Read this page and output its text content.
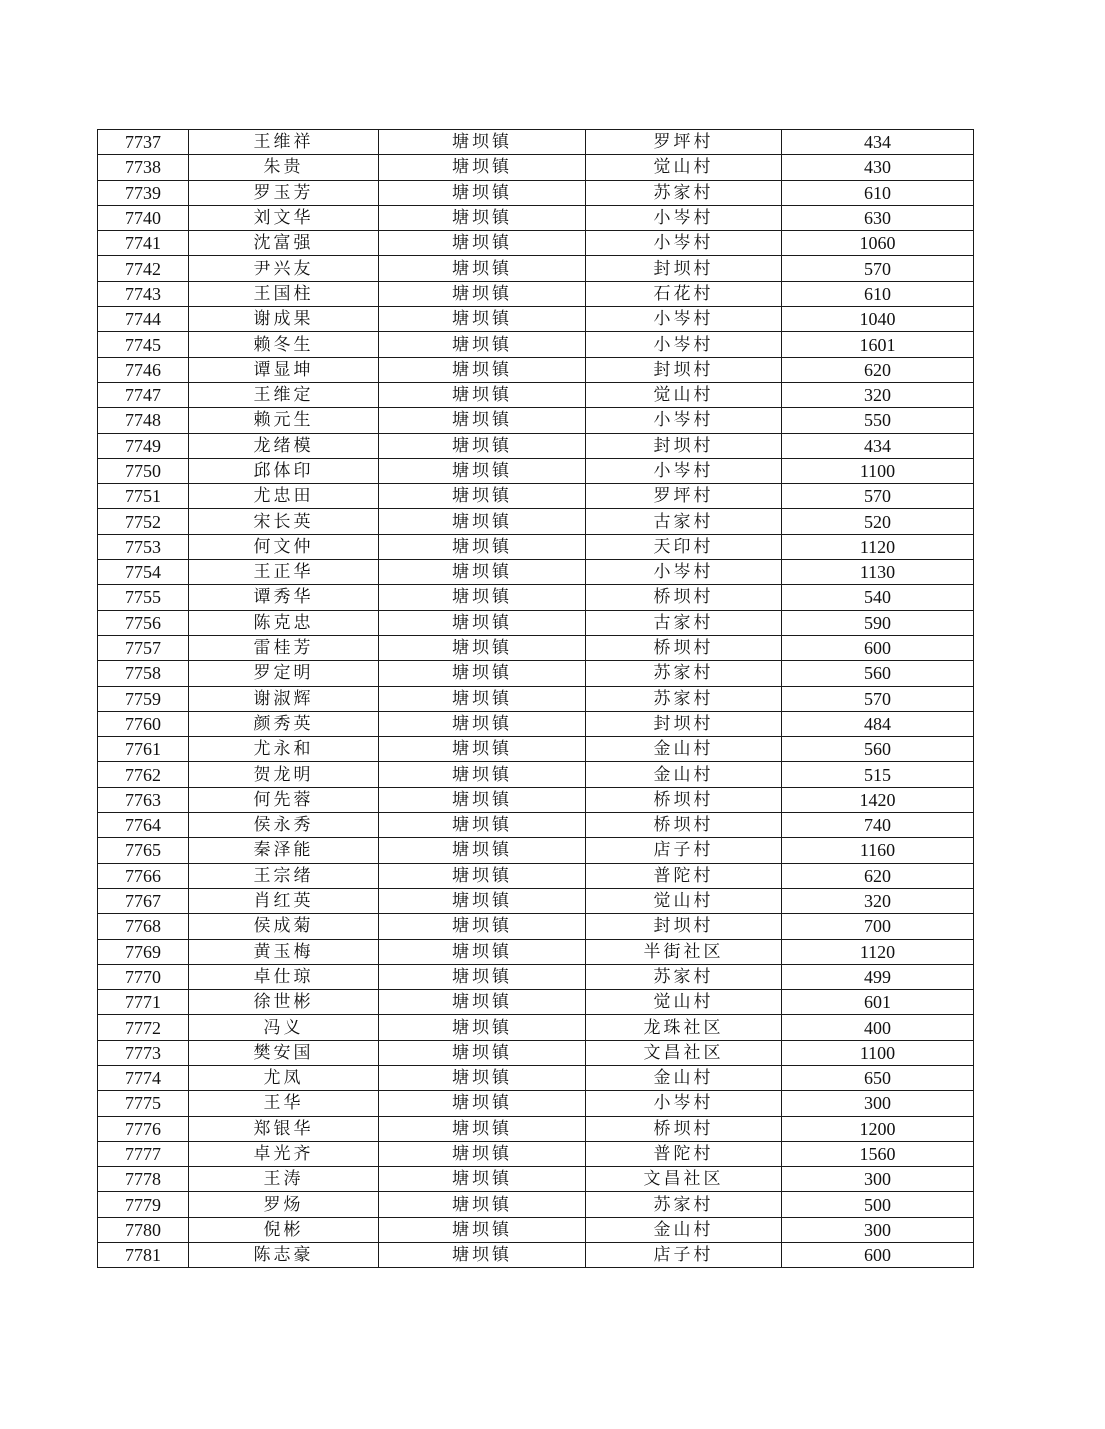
7737	王维祥	塘坝镇	罗坪村	434
7738	朱贵	塘坝镇	觉山村	430
7739	罗玉芳	塘坝镇	苏家村	610
7740	刘文华	塘坝镇	小岑村	630
7741	沈富强	塘坝镇	小岑村	1060
7742	尹兴友	塘坝镇	封坝村	570
7743	王国柱	塘坝镇	石花村	610
7744	谢成果	塘坝镇	小岑村	1040
7745	赖冬生	塘坝镇	小岑村	1601
7746	谭显坤	塘坝镇	封坝村	620
7747	王维定	塘坝镇	觉山村	320
7748	赖元生	塘坝镇	小岑村	550
7749	龙绪模	塘坝镇	封坝村	434
7750	邱体印	塘坝镇	小岑村	1100
7751	尤忠田	塘坝镇	罗坪村	570
7752	宋长英	塘坝镇	古家村	520
7753	何文仲	塘坝镇	天印村	1120
7754	王正华	塘坝镇	小岑村	1130
7755	谭秀华	塘坝镇	桥坝村	540
7756	陈克忠	塘坝镇	古家村	590
7757	雷桂芳	塘坝镇	桥坝村	600
7758	罗定明	塘坝镇	苏家村	560
7759	谢淑辉	塘坝镇	苏家村	570
7760	颜秀英	塘坝镇	封坝村	484
7761	尤永和	塘坝镇	金山村	560
7762	贺龙明	塘坝镇	金山村	515
7763	何先蓉	塘坝镇	桥坝村	1420
7764	侯永秀	塘坝镇	桥坝村	740
7765	秦泽能	塘坝镇	店子村	1160
7766	王宗绪	塘坝镇	普陀村	620
7767	肖红英	塘坝镇	觉山村	320
7768	侯成菊	塘坝镇	封坝村	700
7769	黄玉梅	塘坝镇	半街社区	1120
7770	卓仕琼	塘坝镇	苏家村	499
7771	徐世彬	塘坝镇	觉山村	601
7772	冯义	塘坝镇	龙珠社区	400
7773	樊安国	塘坝镇	文昌社区	1100
7774	尤凤	塘坝镇	金山村	650
7775	王华	塘坝镇	小岑村	300
7776	郑银华	塘坝镇	桥坝村	1200
7777	卓光齐	塘坝镇	普陀村	1560
7778	王涛	塘坝镇	文昌社区	300
7779	罗炀	塘坝镇	苏家村	500
7780	倪彬	塘坝镇	金山村	300
7781	陈志豪	塘坝镇	店子村	600
